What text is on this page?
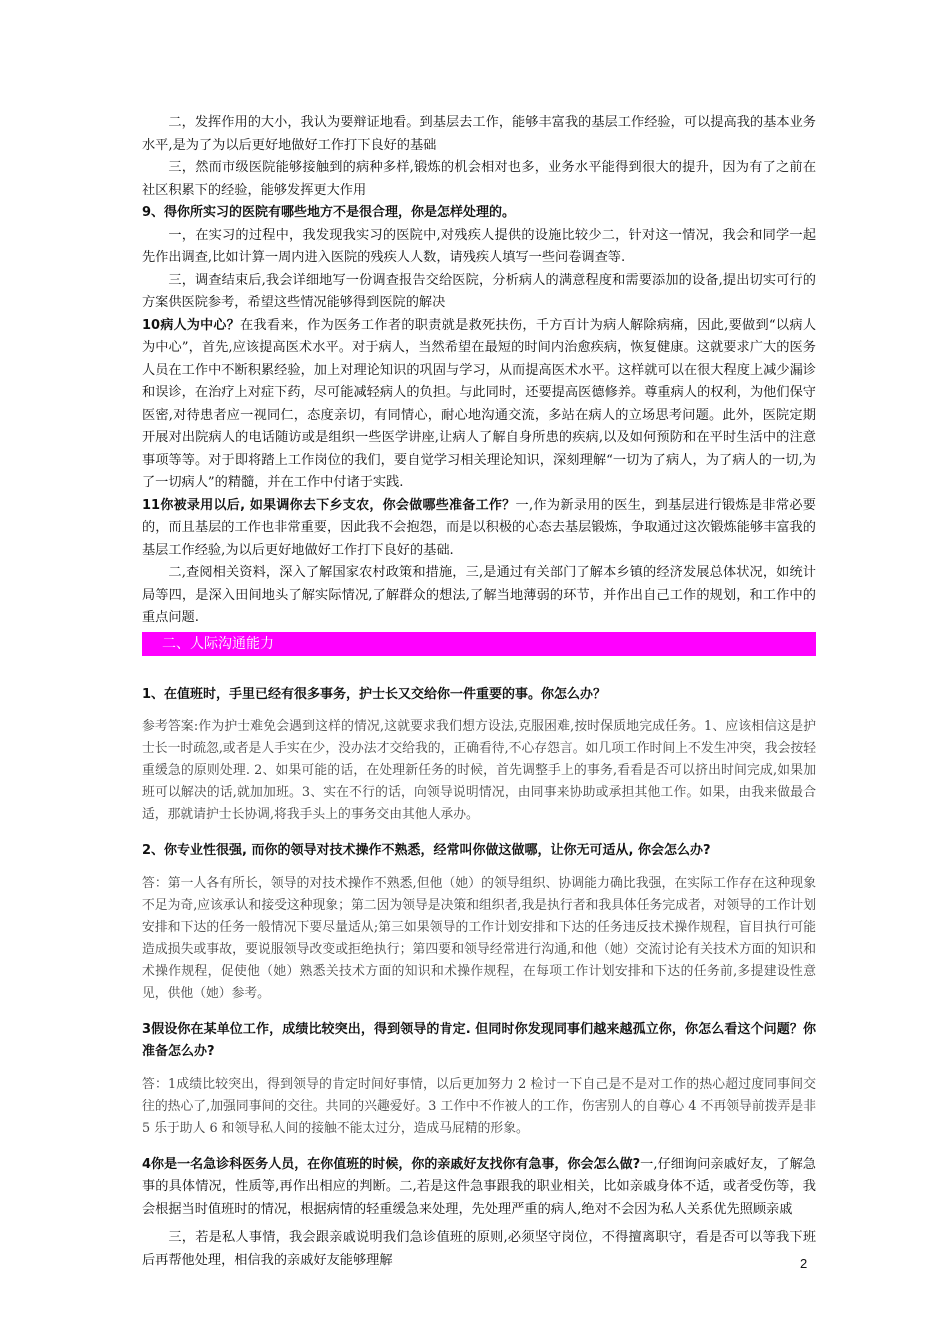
二，发挥作用的大小，我认为要辩证地看。到基层去工作，能够丰富我的基层工作经验，可以提高我的基本业务水平,是为了为以后更好地做好工作打下良好的基础

三，然而市级医院能够接触到的病种多样,锻炼的机会相对也多，业务水平能得到很大的提升，因为有了之前在社区积累下的经验，能够发挥更大作用

9、得你所实习的医院有哪些地方不是很合理，你是怎样处理的。

一，在实习的过程中，我发现我实习的医院中,对残疾人提供的设施比较少二，针对这一情况，我会和同学一起先作出调查,比如计算一周内进入医院的残疾人人数，请残疾人填写一些问卷调查等.

三，调查结束后,我会详细地写一份调查报告交给医院，分析病人的满意程度和需要添加的设备,提出切实可行的方案供医院参考，希望这些情况能够得到医院的解决

10病人为中心？在我看来，作为医务工作者的职责就是救死扶伤，千方百计为病人解除病痛，因此,要做到“以病人为中心”，首先,应该提高医术水平。对于病人，当然希望在最短的时间内治愈疾病，恢复健康。这就要求广大的医务人员在工作中不断积累经验，加上对理论知识的巩固与学习，从而提高医术水平。这样就可以在很大程度上减少漏诊和误诊，在治疗上对症下药，尽可能减轻病人的负担。与此同时，还要提高医德修养。尊重病人的权利，为他们保守医密,对待患者应一视同仁，态度亲切，有同情心，耐心地沟通交流，多站在病人的立场思考问题。此外，医院定期开展对出院病人的电话随访或是组织一些医学讲座,让病人了解自身所患的疾病,以及如何预防和在平时生活中的注意事项等等。对于即将踏上工作岗位的我们，要自觉学习相关理论知识，深刻理解“一切为了病人，为了病人的一切,为了一切病人”的精髓，并在工作中付诸于实践.

11你被录用以后, 如果调你去下乡支农，你会做哪些准备工作？一,作为新录用的医生，到基层进行锻炼是非常必要的，而且基层的工作也非常重要，因此我不会抱怨，而是以积极的心态去基层锻炼，争取通过这次锻炼能够丰富我的基层工作经验,为以后更好地做好工作打下良好的基础.

二,查阅相关资料，深入了解国家农村政策和措施，三,是通过有关部门了解本乡镇的经济发展总体状况，如统计局等四，是深入田间地头了解实际情况,了解群众的想法,了解当地薄弱的环节，并作出自己工作的规划，和工作中的重点问题.

二、人际沟通能力

1、在值班时，手里已经有很多事务，护士长又交给你一件重要的事。你怎么办？

参考答案:作为护士难免会遇到这样的情况,这就要求我们想方设法,克服困难,按时保质地完成任务。1、应该相信这是护士长一时疏忽,或者是人手实在少，没办法才交给我的，正确看待,不心存怨言。如几项工作时间上不发生冲突，我会按轻重缓急的原则处理. 2、如果可能的话，在处理新任务的时候，首先调整手上的事务,看看是否可以挤出时间完成,如果加班可以解决的话,就加加班。3、实在不行的话，向领导说明情况，由同事来协助或承担其他工作。如果，由我来做最合适，那就请护士长协调,将我手头上的事务交由其他人承办。

2、你专业性很强, 而你的领导对技术操作不熟悉，经常叫你做这做哪，让你无可适从, 你会怎么办?

答：第一人各有所长，领导的对技术操作不熟悉,但他（她）的领导组织、协调能力确比我强，在实际工作存在这种现象不足为奇,应该承认和接受这种现象；第二因为领导是决策和组织者,我是执行者和我具体任务完成者，对领导的工作计划安排和下达的任务一般情况下要尽量适从;第三如果领导的工作计划安排和下达的任务违反技术操作规程，盲目执行可能造成损失或事故，要说服领导改变或拒绝执行；第四要和领导经常进行沟通,和他（她）交流讨论有关技术方面的知识和术操作规程，促使他（她）熟悉关技术方面的知识和术操作规程，在每项工作计划安排和下达的任务前,多提建设性意见，供他（她）参考。

3假设你在某单位工作，成绩比较突出，得到领导的肯定. 但同时你发现同事们越来越孤立你，你怎么看这个问题？你准备怎么办?

答：1成绩比较突出，得到领导的肯定时间好事情，以后更加努力 2 检讨一下自己是不是对工作的热心超过度同事间交往的热心了,加强同事间的交往。共同的兴趣爱好。3 工作中不作被人的工作，伤害别人的自尊心 4 不再领导前拨弄是非 5 乐于助人 6 和领导私人间的接触不能太过分，造成马屁精的形象。

4你是一名急诊科医务人员，在你值班的时候，你的亲戚好友找你有急事，你会怎么做?一,仔细询问亲戚好友，了解急事的具体情况，性质等,再作出相应的判断。二,若是这件急事跟我的职业相关，比如亲戚身体不适，或者受伤等，我会根据当时值班时的情况，根据病情的轻重缓急来处理，先处理严重的病人,绝对不会因为私人关系优先照顾亲戚

三，若是私人事情，我会跟亲戚说明我们急诊值班的原则,必须坚守岗位，不得擅离职守，看是否可以等我下班后再帮他处理，相信我的亲戚好友能够理解	2
